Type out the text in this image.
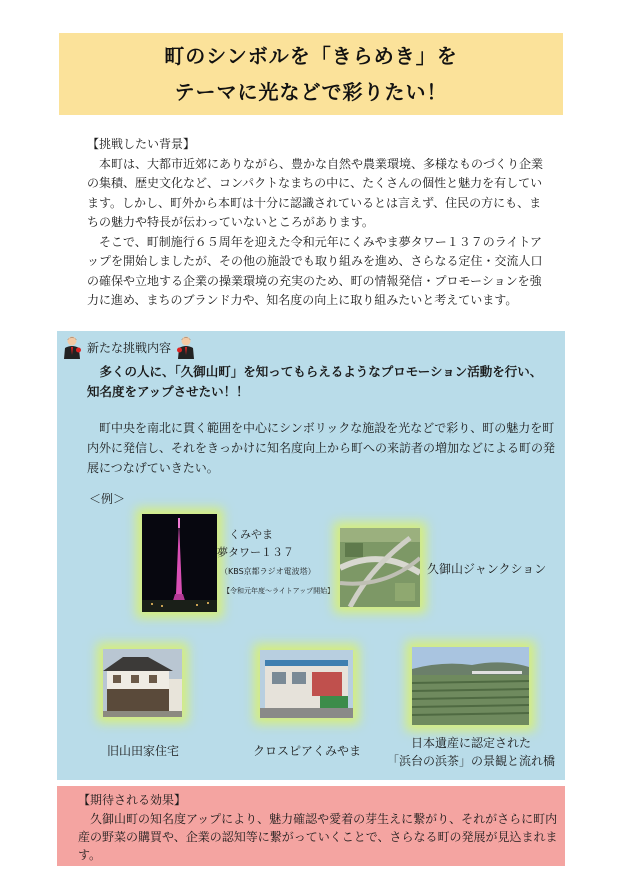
町のシンボルを「きらめき」を
テーマに光などで彩りたい！
【挑戦したい背景】

本町は、大都市近郊にありながら、豊かな自然や農業環境、多様なものづくり企業の集積、歴史文化など、コンパクトなまちの中に、たくさんの個性と魅力を有しています。しかし、町外から本町は十分に認識されているとは言えず、住民の方にも、まちの魅力や特長が伝わっていないところがあります。

そこで、町制施行６５周年を迎えた令和元年にくみやま夢タワー１３７のライトアップを開始しましたが、その他の施設でも取り組みを進め、さらなる定住・交流人口の確保や立地する企業の操業環境の充実のため、町の情報発信・プロモーションを強力に進め、まちのブランド力や、知名度の向上に取り組みたいと考えています。

新たな挑戦内容
多くの人に、「久御山町」を知ってもらえるようなプロモーション活動を行い、
知名度をアップさせたい！！

町中央を南北に貫く範囲を中心にシンボリックな施設を光などで彩り、町の魅力を町内外に発信し、それをきっかけに知名度向上から町への来訪者の増加などによる町の発展につなげていきたい。

＜例＞
くみやま
夢タワー１３７
（KBS京都ラジオ電波塔）
【令和元年度～ライトアップ開始】
久御山ジャンクション
旧山田家住宅	クロスピアくみやま
日本遺産に認定された
「浜台の浜茶」の景観と流れ橋
【期待される効果】

久御山町の知名度アップにより、魅力確認や愛着の芽生えに繋がり、それがさらに町内産の野菜の購買や、企業の認知等に繋がっていくことで、さらなる町の発展が見込まれます。
